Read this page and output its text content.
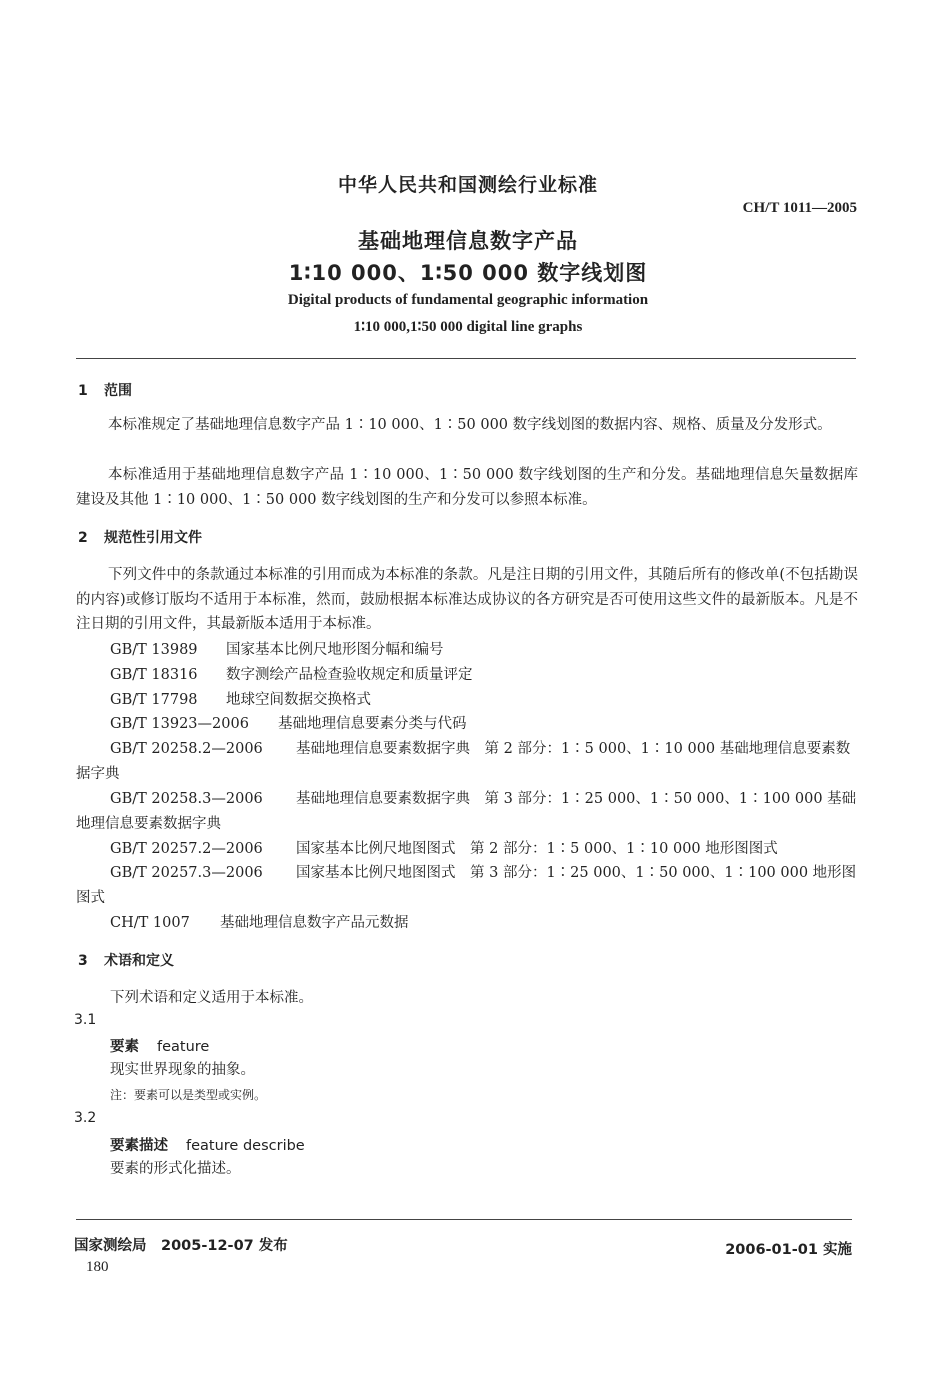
中华人民共和国测绘行业标准
CH/T 1011—2005
基础地理信息数字产品
1∶10 000、1∶50 000 数字线划图
Digital products of fundamental geographic information
1∶10 000,1∶50 000 digital line graphs
1 范围
本标准规定了基础地理信息数字产品 1∶10 000、1∶50 000 数字线划图的数据内容、规格、质量及分发形式。
本标准适用于基础地理信息数字产品 1∶10 000、1∶50 000 数字线划图的生产和分发。基础地理信息矢量数据库建设及其他 1∶10 000、1∶50 000 数字线划图的生产和分发可以参照本标准。
2 规范性引用文件
下列文件中的条款通过本标准的引用而成为本标准的条款。凡是注日期的引用文件，其随后所有的修改单(不包括勘误的内容)或修订版均不适用于本标准，然而，鼓励根据本标准达成协议的各方研究是否可使用这些文件的最新版本。凡是不注日期的引用文件，其最新版本适用于本标准。
GB/T 13989 国家基本比例尺地形图分幅和编号
GB/T 18316 数字测绘产品检查验收规定和质量评定
GB/T 17798 地球空间数据交换格式
GB/T 13923—2006 基础地理信息要素分类与代码
GB/T 20258.2—2006 基础地理信息要素数据字典　第 2 部分：1∶5 000、1∶10 000 基础地理信息要素数据字典
GB/T 20258.3—2006 基础地理信息要素数据字典　第 3 部分：1∶25 000、1∶50 000、1∶100 000 基础地理信息要素数据字典
GB/T 20257.2—2006 国家基本比例尺地图图式　第 2 部分：1∶5 000、1∶10 000 地形图图式
GB/T 20257.3—2006 国家基本比例尺地图图式　第 3 部分：1∶25 000、1∶50 000、1∶100 000 地形图图式
CH/T 1007 基础地理信息数字产品元数据
3 术语和定义
下列术语和定义适用于本标准。
3.1
要素 feature
现实世界现象的抽象。
注：要素可以是类型或实例。
3.2
要素描述 feature describe
要素的形式化描述。
国家测绘局　2005-12-07 发布	2006-01-01 实施
180
